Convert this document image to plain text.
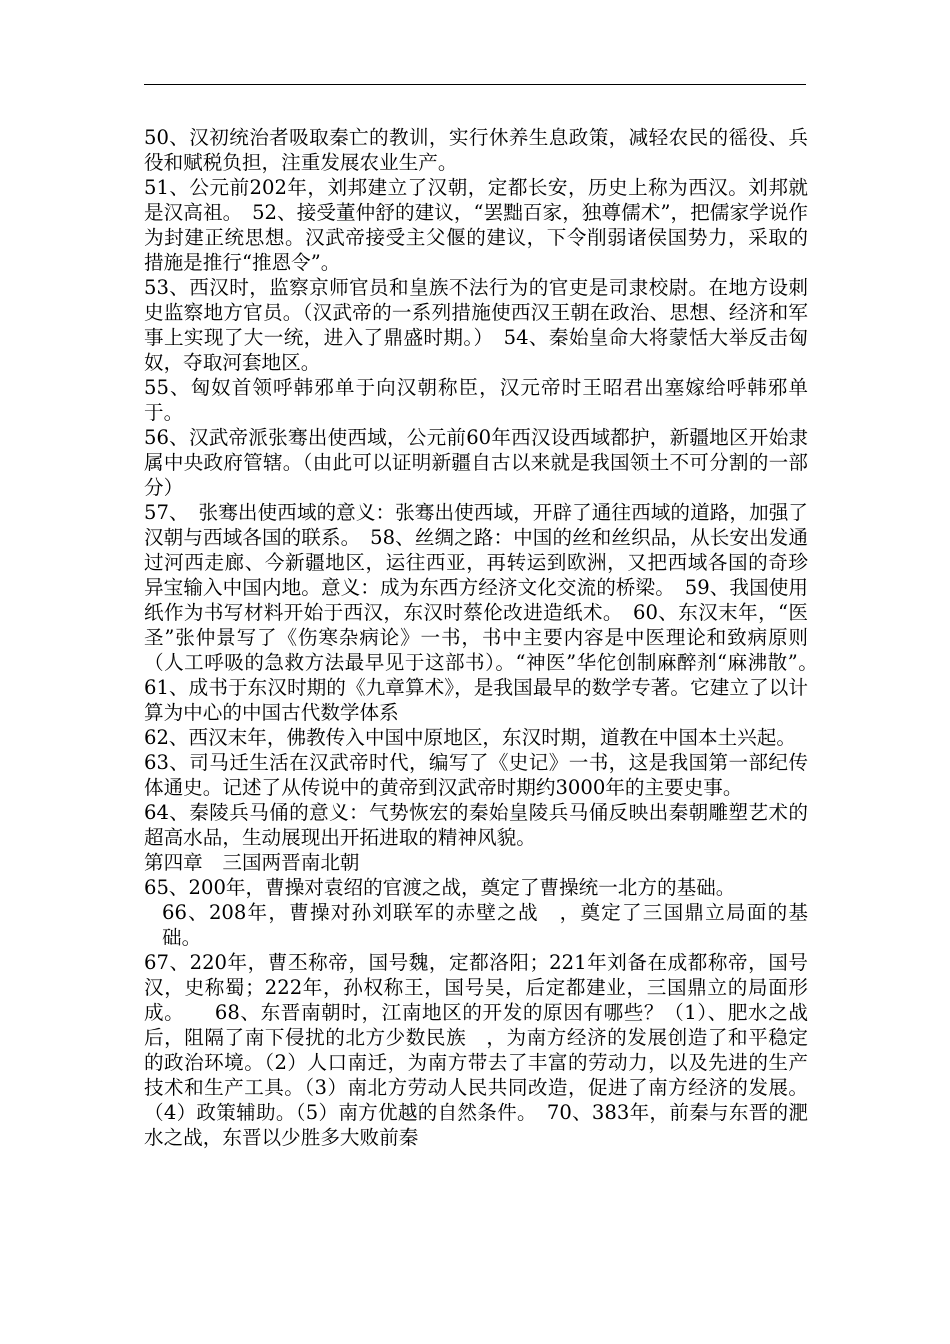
50、汉初统治者吸取秦亡的教训，实行休养生息政策，减轻农民的徭役、兵役和赋税负担，注重发展农业生产。

51、公元前202年，刘邦建立了汉朝，定都长安，历史上称为西汉。刘邦就是汉高祖。　52、接受董仲舒的建议，“罢黜百家，独尊儒术”，把儒家学说作为封建正统思想。汉武帝接受主父偃的建议，下令削弱诸侯国势力，采取的措施是推行“推恩令”。

53、西汉时，监察京师官员和皇族不法行为的官吏是司隶校尉。在地方设刺史监察地方官员。（汉武帝的一系列措施使西汉王朝在政治、思想、经济和军事上实现了大一统，进入了鼎盛时期。）　54、秦始皇命大将蒙恬大举反击匈奴，夺取河套地区。

55、匈奴首领呼韩邪单于向汉朝称臣，汉元帝时王昭君出塞嫁给呼韩邪单于。

56、汉武帝派张骞出使西域，公元前60年西汉设西域都护，新疆地区开始隶属中央政府管辖。（由此可以证明新疆自古以来就是我国领土不可分割的一部分）

57、　张骞出使西域的意义：张骞出使西域，开辟了通往西域的道路，加强了汉朝与西域各国的联系。　58、丝绸之路：中国的丝和丝织品，从长安出发通过河西走廊、今新疆地区，运往西亚，再转运到欧洲，又把西域各国的奇珍异宝输入中国内地。意义：成为东西方经济文化交流的桥梁。　59、我国使用纸作为书写材料开始于西汉，东汉时蔡伦改进造纸术。　60、东汉末年，“医圣”张仲景写了《伤寒杂病论》一书，书中主要内容是中医理论和致病原则（人工呼吸的急救方法最早见于这部书）。“神医”华佗创制麻醉剂“麻沸散”。　61、成书于东汉时期的《九章算术》，是我国最早的数学专著。它建立了以计算为中心的中国古代数学体系

62、西汉末年，佛教传入中国中原地区，东汉时期，道教在中国本土兴起。

63、司马迁生活在汉武帝时代，编写了《史记》一书，这是我国第一部纪传体通史。记述了从传说中的黄帝到汉武帝时期约3000年的主要史事。

64、秦陵兵马俑的意义：气势恢宏的秦始皇陵兵马俑反映出秦朝雕塑艺术的超高水品，生动展现出开拓进取的精神风貌。

第四章　三国两晋南北朝

65、200年，曹操对袁绍的官渡之战，奠定了曹操统一北方的基础。

66、208年，曹操对孙刘联军的赤壁之战　，奠定了三国鼎立局面的基础。

67、220年，曹丕称帝，国号魏，定都洛阳；221年刘备在成都称帝，国号汉，史称蜀；222年，孙权称王，国号吴，后定都建业，三国鼎立的局面形成。　　68、东晋南朝时，江南地区的开发的原因有哪些？（1）、肥水之战后，阻隔了南下侵扰的北方少数民族　，为南方经济的发展创造了和平稳定的政治环境。（2）人口南迁，为南方带去了丰富的劳动力，以及先进的生产技术和生产工具。（3）南北方劳动人民共同改造，促进了南方经济的发展。（4）政策辅助。（5）南方优越的自然条件。　70、383年，前秦与东晋的淝水之战，东晋以少胜多大败前秦
